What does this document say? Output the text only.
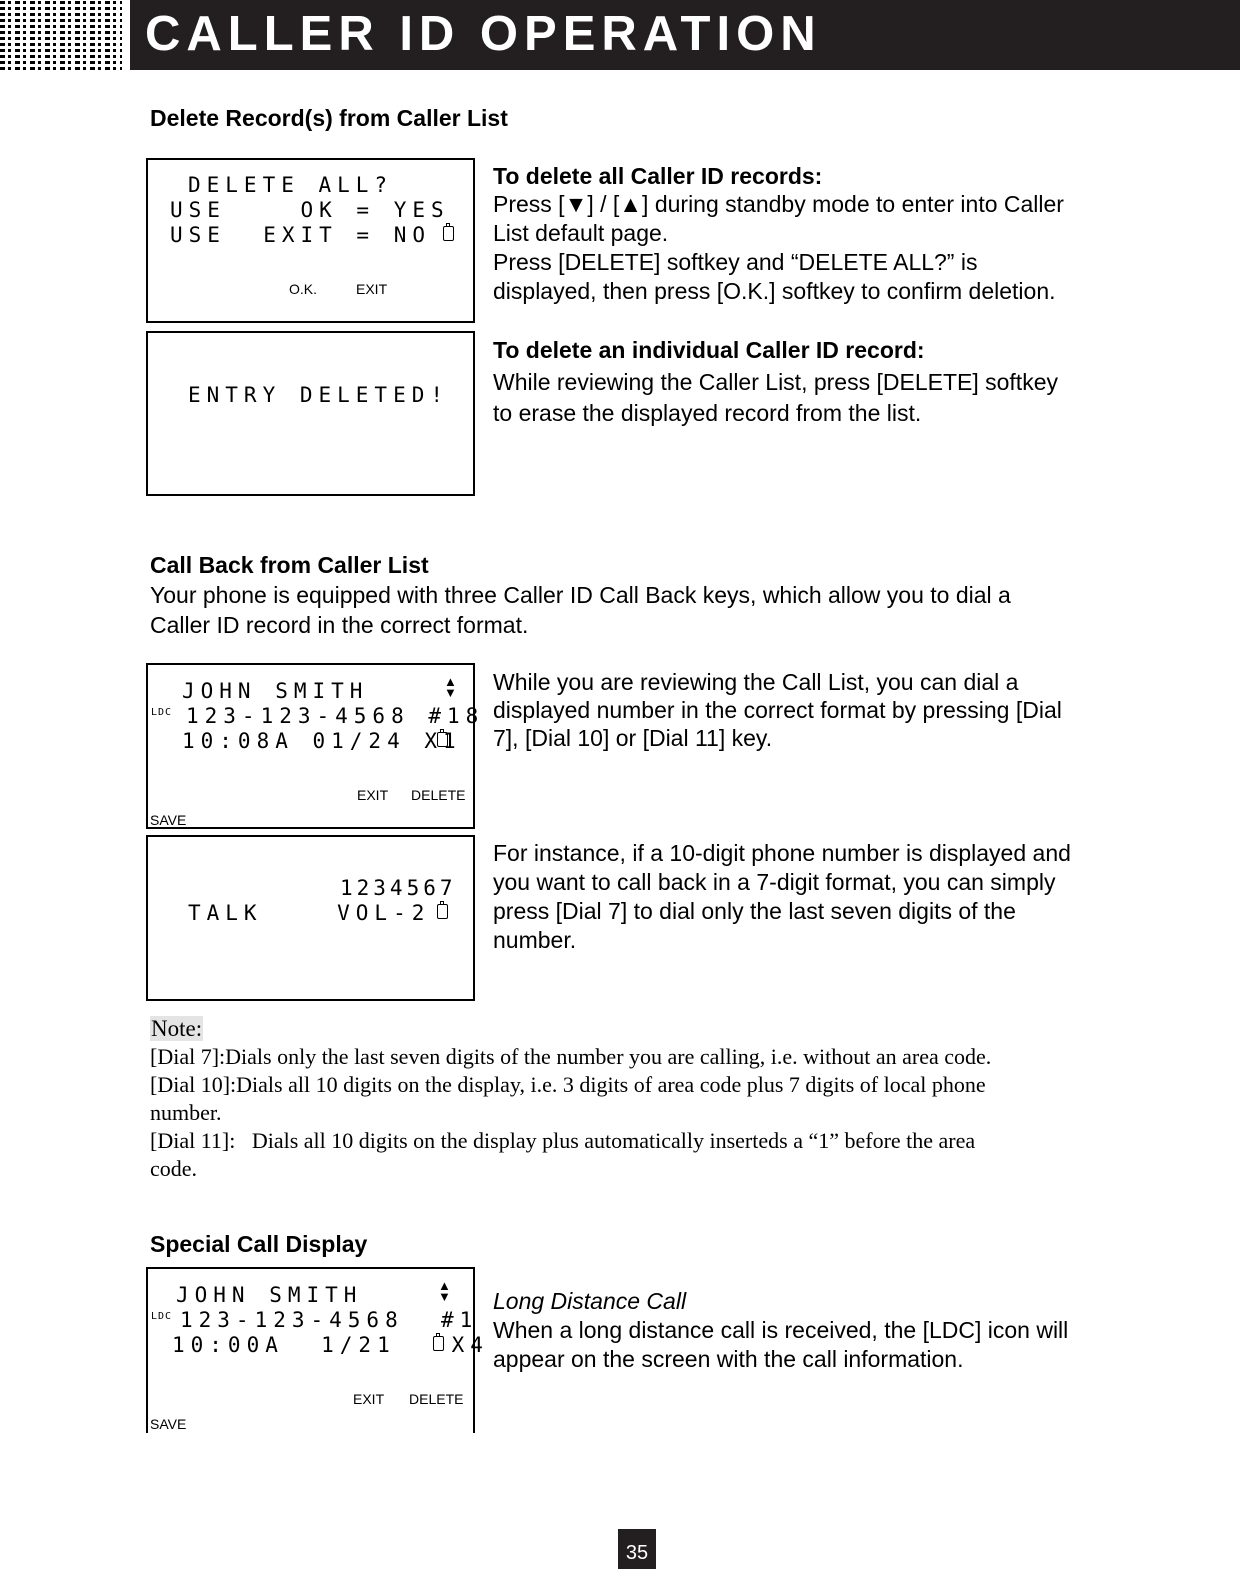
CALLER ID OPERATION
Delete Record(s) from Caller List
DELETE ALL?
USE    OK = YES
USE  EXIT = NO
O.K.	EXIT
ENTRY DELETED!
To delete all Caller ID records:
Press [▼] / [▲] during standby mode to enter into Caller
List default page.
Press [DELETE] softkey and “DELETE ALL?” is
displayed, then press [O.K.] softkey to confirm deletion.
To delete an individual Caller ID record:
While reviewing the Caller List, press [DELETE] softkey
to erase the displayed record from the list.
Call Back from Caller List
Your phone is equipped with three Caller ID Call Back keys, which allow you to dial a
Caller ID record in the correct format.
JOHN SMITH	▲
▼
LDC 123-123-4568 #18
10:08A 01/24 X1
EXIT DELETE
SAVE
1234567
TALK    VOL-2
While you are reviewing the Call List, you can dial a
displayed number in the correct format by pressing [Dial
7], [Dial 10] or [Dial 11] key.
For instance, if a 10-digit phone number is displayed and
you want to call back in a 7-digit format, you can simply
press [Dial 7] to dial only the last seven digits of the
number.
Note:
[Dial 7]:Dials only the last seven digits of the number you are calling, i.e. without an area code.
[Dial 10]:Dials all 10 digits on the display, i.e. 3 digits of area code plus 7 digits of local phone
number.
[Dial 11]:   Dials all 10 digits on the display plus automatically inserteds a “1” before the area
code.
Special Call Display
JOHN SMITH	▲
▼
LDC 123-123-4568  #1
10:00A  1/21   X4
EXIT DELETE
SAVE
Long Distance Call
When a long distance call is received, the [LDC] icon will
appear on the screen with the call information.
35
